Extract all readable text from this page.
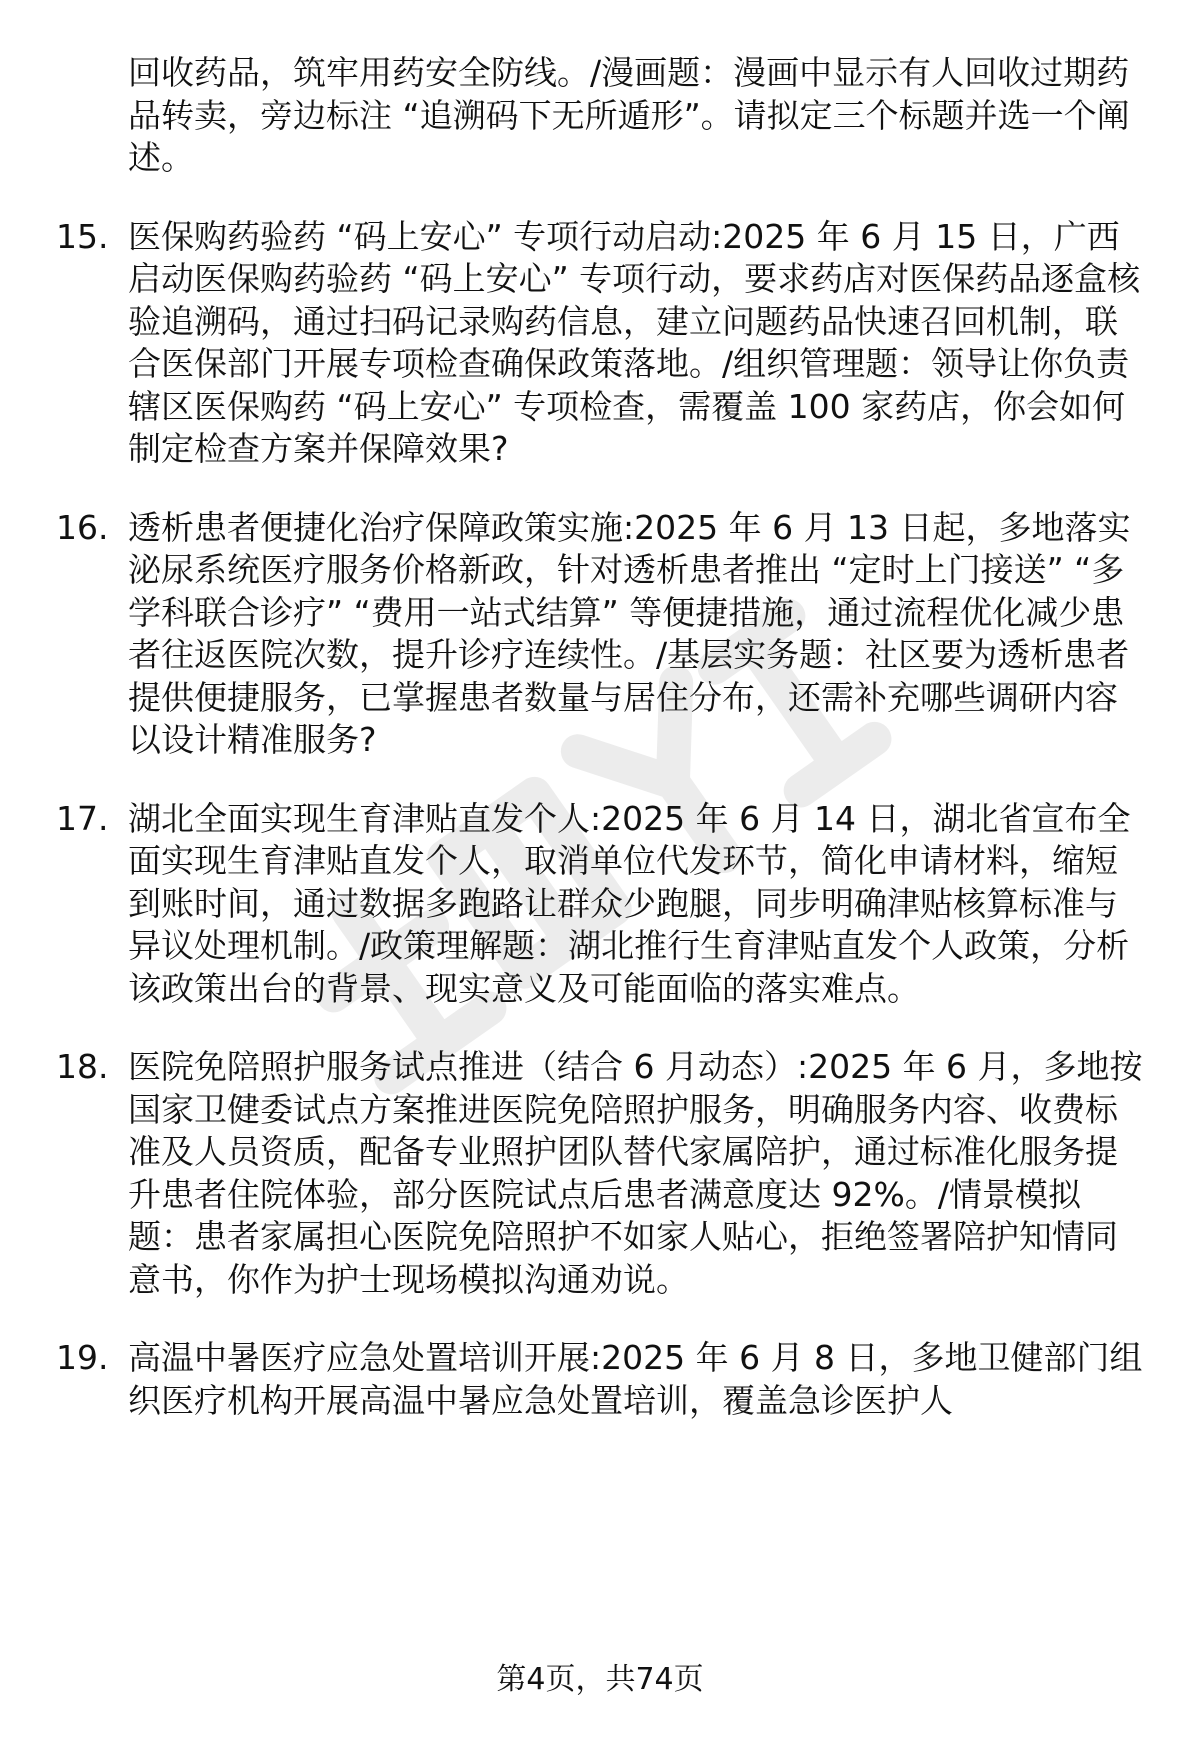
回收药品，筑牢用药安全防线。/漫画题：漫画中显示有人回收过期药品转卖，旁边标注 “追溯码下无所遁形”。请拟定三个标题并选一个阐述。

15. 医保购药验药 “码上安心” 专项行动启动:2025 年 6 月 15 日，广西启动医保购药验药 “码上安心” 专项行动，要求药店对医保药品逐盒核验追溯码，通过扫码记录购药信息，建立问题药品快速召回机制，联合医保部门开展专项检查确保政策落地。/组织管理题：领导让你负责辖区医保购药 “码上安心” 专项检查，需覆盖 100 家药店，你会如何制定检查方案并保障效果?
16. 透析患者便捷化治疗保障政策实施:2025 年 6 月 13 日起，多地落实泌尿系统医疗服务价格新政，针对透析患者推出 “定时上门接送” “多学科联合诊疗” “费用一站式结算” 等便捷措施，通过流程优化减少患者往返医院次数，提升诊疗连续性。/基层实务题：社区要为透析患者提供便捷服务，已掌握患者数量与居住分布，还需补充哪些调研内容以设计精准服务?
17. 湖北全面实现生育津贴直发个人:2025 年 6 月 14 日，湖北省宣布全面实现生育津贴直发个人，取消单位代发环节，简化申请材料，缩短到账时间，通过数据多跑路让群众少跑腿，同步明确津贴核算标准与异议处理机制。/政策理解题：湖北推行生育津贴直发个人政策，分析该政策出台的背景、现实意义及可能面临的落实难点。
18. 医院免陪照护服务试点推进（结合 6 月动态）:2025 年 6 月，多地按国家卫健委试点方案推进医院免陪照护服务，明确服务内容、收费标准及人员资质，配备专业照护团队替代家属陪护，通过标准化服务提升患者住院体验，部分医院试点后患者满意度达 92%。/情景模拟题：患者家属担心医院免陪照护不如家人贴心，拒绝签署陪护知情同意书，你作为护士现场模拟沟通劝说。
19. 高温中暑医疗应急处置培训开展:2025 年 6 月 8 日，多地卫健部门组织医疗机构开展高温中暑应急处置培训，覆盖急诊医护人
第4页，共74页
